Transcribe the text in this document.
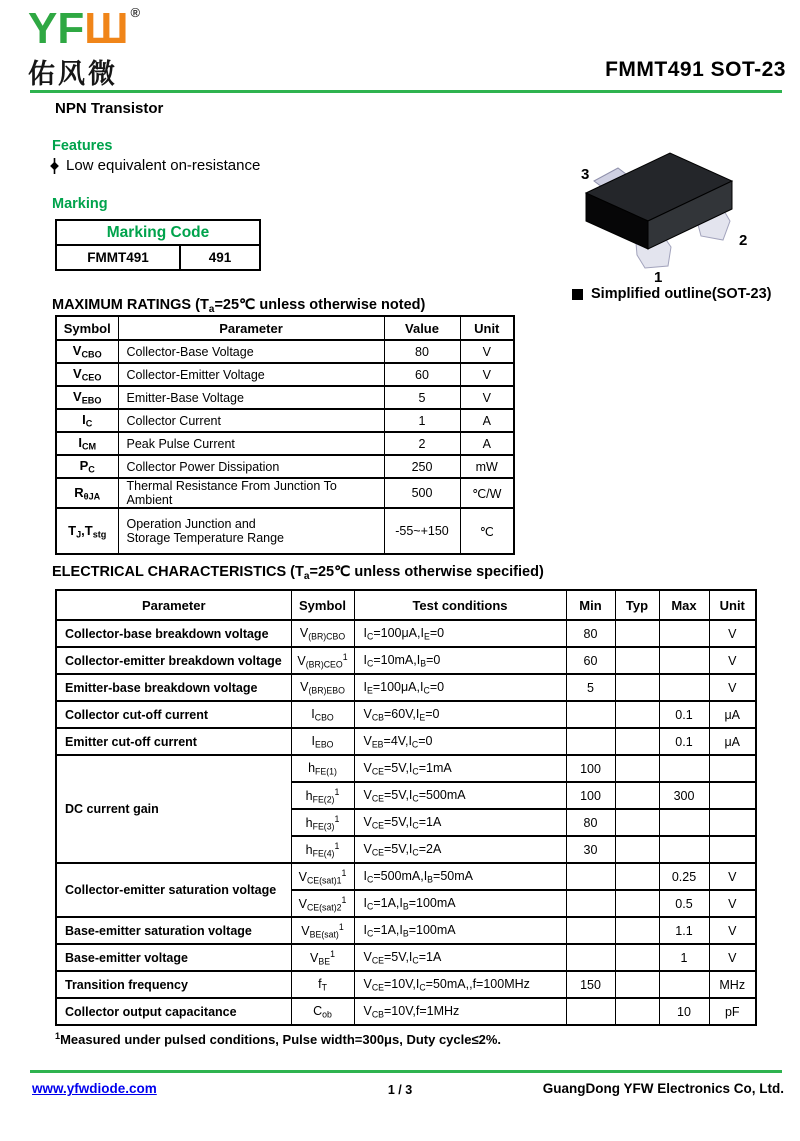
YFШ ®
佑风微	FMMT491 SOT-23
NPN Transistor
Features
Low equivalent on-resistance
Marking
Marking Code
FMMT491	491
3
2
1
Simplified outline(SOT-23)
MAXIMUM RATINGS ($T_a=25℃$ unless otherwise noted)
Symbol	Parameter	Value	Unit
$V_{CBO}$	Collector-Base Voltage	80	V
$V_{CEO}$	Collector-Emitter Voltage	60	V
$V_{EBO}$	Emitter-Base Voltage	5	V
$I_C$	Collector Current	1	A
$I_{CM}$	Peak Pulse Current	2	A
$P_C$	Collector Power Dissipation	250	mW
$R_{\theta JA}$	Thermal Resistance From Junction To Ambient	500	℃/W
$T_J,T_{stg}$	Operation Junction and
Storage Temperature Range	-55~+150	℃
ELECTRICAL CHARACTERISTICS ($T_a=25℃$ unless otherwise specified)
Parameter	Symbol	Test conditions	Min	Typ	Max	Unit
Collector-base breakdown voltage	$V_{(BR)CBO}$	$I_C=100\mu A,I_E=0$	80			V
Collector-emitter breakdown voltage	$V_{(BR)CEO}^1$	$I_C=10mA,I_B=0$	60			V
Emitter-base breakdown voltage	$V_{(BR)EBO}$	$I_E=100\mu A,I_C=0$	5			V
Collector cut-off current	$I_{CBO}$	$V_{CB}=60V,I_E=0$			0.1	μA
Emitter cut-off current	$I_{EBO}$	$V_{EB}=4V,I_C=0$			0.1	μA
DC current gain	$h_{FE(1)}$	$V_{CE}=5V,I_C=1mA$	100			
	$h_{FE(2)}^1$	$V_{CE}=5V,I_C=500mA$	100		300	
	$h_{FE(3)}^1$	$V_{CE}=5V,I_C=1A$	80			
	$h_{FE(4)}^1$	$V_{CE}=5V,I_C=2A$	30			
Collector-emitter saturation voltage	$V_{CE(sat)1}^1$	$I_C=500mA,I_B=50mA$			0.25	V
	$V_{CE(sat)2}^1$	$I_C=1A,I_B=100mA$			0.5	V
Base-emitter saturation voltage	$V_{BE(sat)}^1$	$I_C=1A,I_B=100mA$			1.1	V
Base-emitter voltage	$V_{BE}^1$	$V_{CE}=5V,I_C=1A$			1	V
Transition frequency	$f_T$	$V_{CE}=10V,I_C=50mA,,f=100MHz$	150			MHz
Collector output capacitance	$C_{ob}$	$V_{CB}=10V,f=1MHz$			10	pF
$^1$Measured under pulsed conditions, Pulse width=300μs, Duty cycle≤2%.
www.yfwdiode.com	1 / 3	GuangDong YFW Electronics Co, Ltd.
